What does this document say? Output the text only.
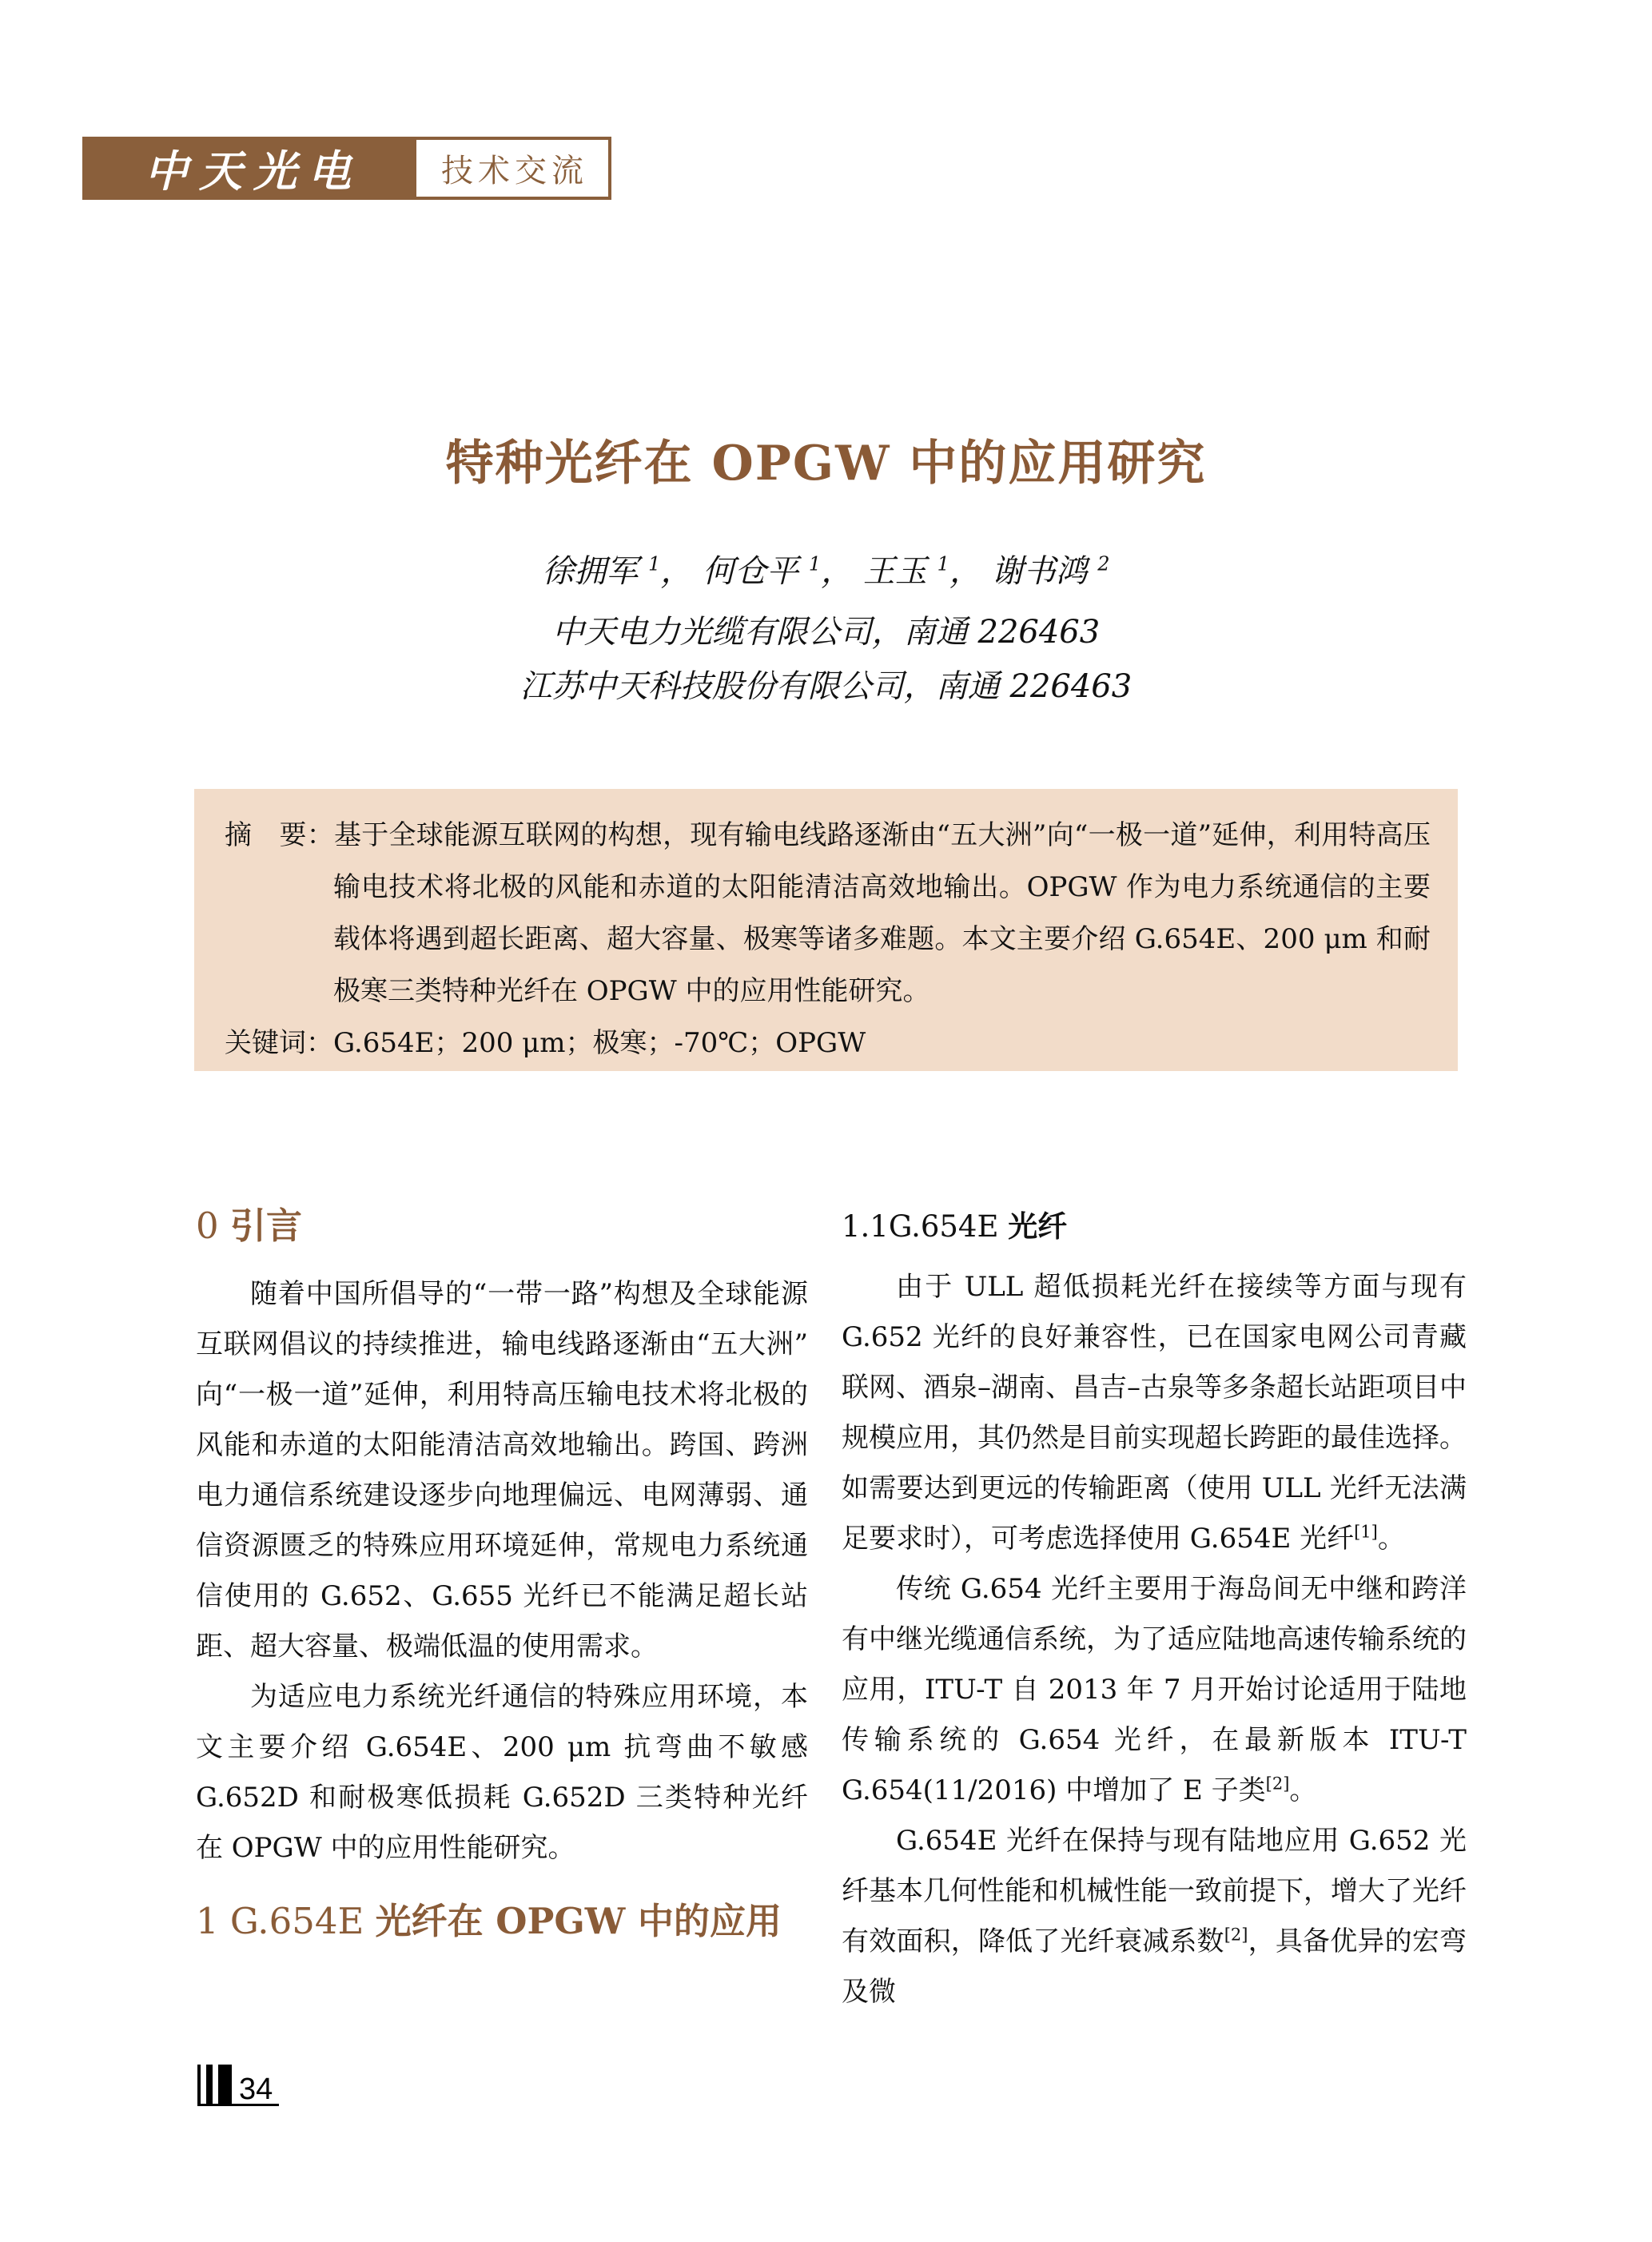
中天光电 技术交流
特种光纤在 OPGW 中的应用研究
徐拥军 $^1$， 何仓平 $^1$， 王玉 $^1$， 谢书鸿 $^2$
中天电力光缆有限公司，南通 226463
江苏中天科技股份有限公司，南通 226463

摘　要：基于全球能源互联网的构想，现有输电线路逐渐由“五大洲”向“一极一道”延伸，利用特高压输电技术将北极的风能和赤道的太阳能清洁高效地输出。OPGW 作为电力系统通信的主要载体将遇到超长距离、超大容量、极寒等诸多难题。本文主要介绍 G.654E、200 μm 和耐极寒三类特种光纤在 OPGW 中的应用性能研究。

关键词：G.654E；200 μm；极寒；-70℃；OPGW

0 引言

随着中国所倡导的“一带一路”构想及全球能源互联网倡议的持续推进，输电线路逐渐由“五大洲”向“一极一道”延伸，利用特高压输电技术将北极的风能和赤道的太阳能清洁高效地输出。跨国、跨洲电力通信系统建设逐步向地理偏远、电网薄弱、通信资源匮乏的特殊应用环境延伸，常规电力系统通信使用的 G.652、G.655 光纤已不能满足超长站距、超大容量、极端低温的使用需求。

为适应电力系统光纤通信的特殊应用环境，本文主要介绍 G.654E、200 μm 抗弯曲不敏感 G.652D 和耐极寒低损耗 G.652D 三类特种光纤在 OPGW 中的应用性能研究。

1 G.654E 光纤在 OPGW 中的应用
1.1G.654E 光纤

由于 ULL 超低损耗光纤在接续等方面与现有 G.652 光纤的良好兼容性，已在国家电网公司青藏联网、酒泉–湖南、昌吉–古泉等多条超长站距项目中规模应用，其仍然是目前实现超长跨距的最佳选择。如需要达到更远的传输距离（使用 ULL 光纤无法满足要求时），可考虑选择使用 G.654E 光纤[1]。

传统 G.654 光纤主要用于海岛间无中继和跨洋有中继光缆通信系统，为了适应陆地高速传输系统的应用，ITU-T 自 2013 年 7 月开始讨论适用于陆地传输系统的 G.654 光纤，在最新版本 ITU-T G.654(11/2016) 中增加了 E 子类[2]。

G.654E 光纤在保持与现有陆地应用 G.652 光纤基本几何性能和机械性能一致前提下，增大了光纤有效面积，降低了光纤衰减系数[2]，具备优异的宏弯及微

34
